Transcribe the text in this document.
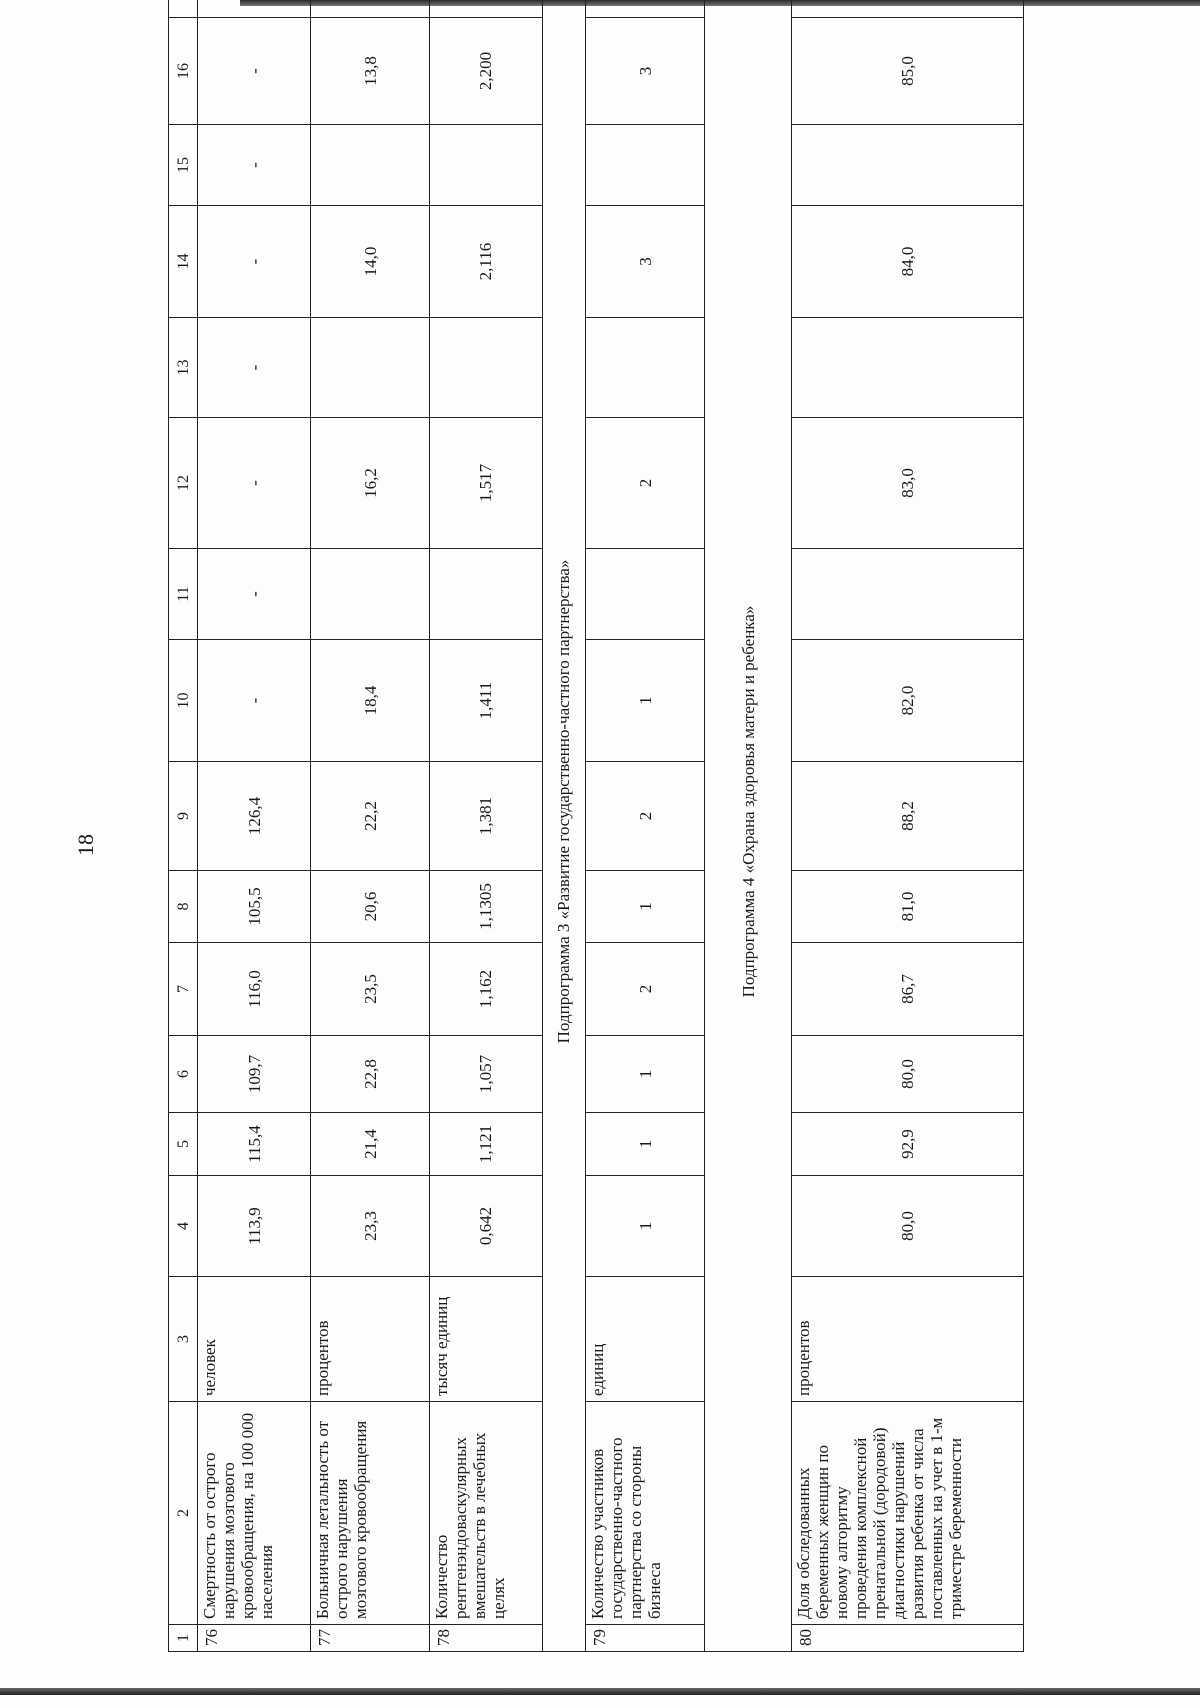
18
1	2	3	4	5	6	7	8	9	10	11	12	13	14	15	16	
76	Смертность от острого нарушения мозгового кровообращения, на 100 000 населения	человек	113,9	115,4	109,7	116,0	105,5	126,4	-	-	-	-	-	-	-	
77	Больничная летальность от острого нарушения мозгового кровообращения	процентов	23,3	21,4	22,8	23,5	20,6	22,2	18,4		16,2		14,0		13,8	
78	Количество рентгенэндоваскулярных вмешательств в лечебных целях	тысяч единиц	0,642	1,121	1,057	1,162	1,1305	1,381	1,411		1,517		2,116		2,200	
Подпрограмма 3 «Развитие государственно-частного партнерства»																
79	Количество участников государственно-частного партнерства со стороны бизнеса	единиц	1	1	1	2	1	2	1		2		3		3	
Подпрограмма 4 «Охрана здоровья матери и ребенка»																
80	Доля обследованных беременных женщин по новому алгоритму проведения комплексной пренатальной (дородовой) диагностики нарушений развития ребенка от числа поставленных на учет в 1-м триместре беременности	процентов	80,0	92,9	80,0	86,7	81,0	88,2	82,0		83,0		84,0		85,0	
